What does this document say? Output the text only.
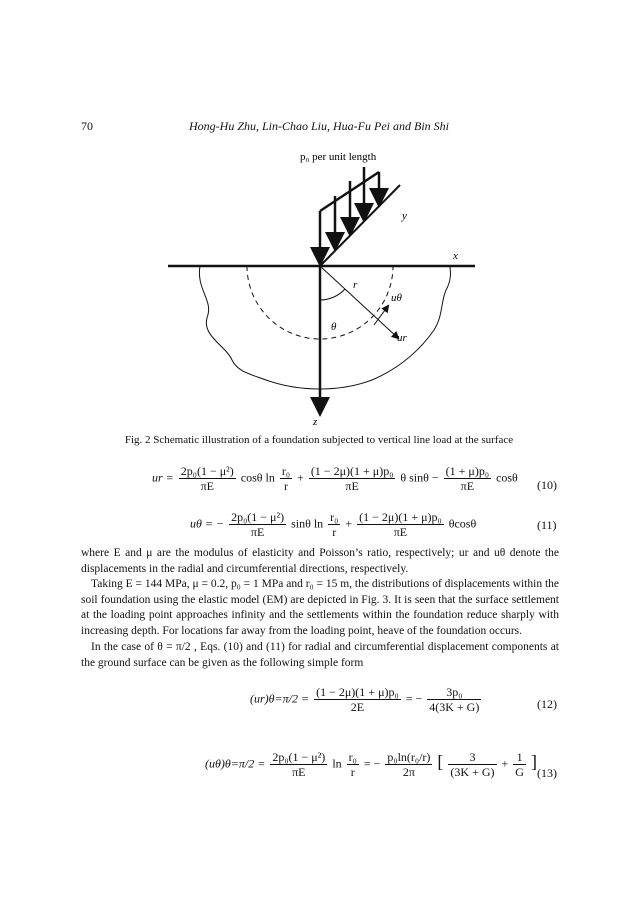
70	Hong-Hu Zhu, Lin-Chao Liu, Hua-Fu Pei and Bin Shi
p₀ per unit length
x
y
z
r
θ
uθ
ur
Fig. 2 Schematic illustration of a foundation subjected to vertical line load at the surface
ur = $\frac{\text{2p₀(1 − μ²)}}{\pi E}$ cosθ $\ln \frac{\text{r₀}}{r} + \frac{\text{(1 − 2μ)(1 + μ)p₀}}{\pi E}$ θ $\sin\theta - \frac{\text{(1 + μ)p₀}}{\pi E}$ cosθ
(10)
uθ = − $\frac{\text{2p₀(1 − μ²)}}{\pi E}$ sinθ $\ln \frac{\text{r₀}}{r} + \frac{\text{(1 − 2μ)(1 + μ)p₀}}{\pi E}$ θcosθ	(11)
where E and μ are the modulus of elasticity and Poisson’s ratio, respectively; ur and uθ denote the displacements in the radial and circumferential directions, respectively.
Taking E = 144 MPa, μ = 0.2, p₀ = 1 MPa and r₀ = 15 m, the distributions of displacements within the soil foundation using the elastic model (EM) are depicted in Fig. 3. It is seen that the surface settlement at the loading point approaches infinity and the settlements within the foundation reduce sharply with increasing depth. For locations far away from the loading point, heave of the foundation occurs.
In the case of θ = π/2 , Eqs. (10) and (11) for radial and circumferential displacement components at the ground surface can be given as the following simple form
$(ur)\theta=\pi/2 = \frac{\text{(1 − 2μ)(1 + μ)p₀}}{2E}$ = − $\frac{\text{3p₀}}{4(3K + G)}$	(12)
$(u\theta)\theta=\pi/2 = \frac{\text{2p₀(1 − μ²)}}{\pi E}$ $\ln \frac{\text{r₀}}{r}$ = − $\frac{\text{p₀ln(r₀/r)}}{2\pi}$ [ $\frac{3}{(3K + G)} + \frac{1}{G}$ ]
(13)
